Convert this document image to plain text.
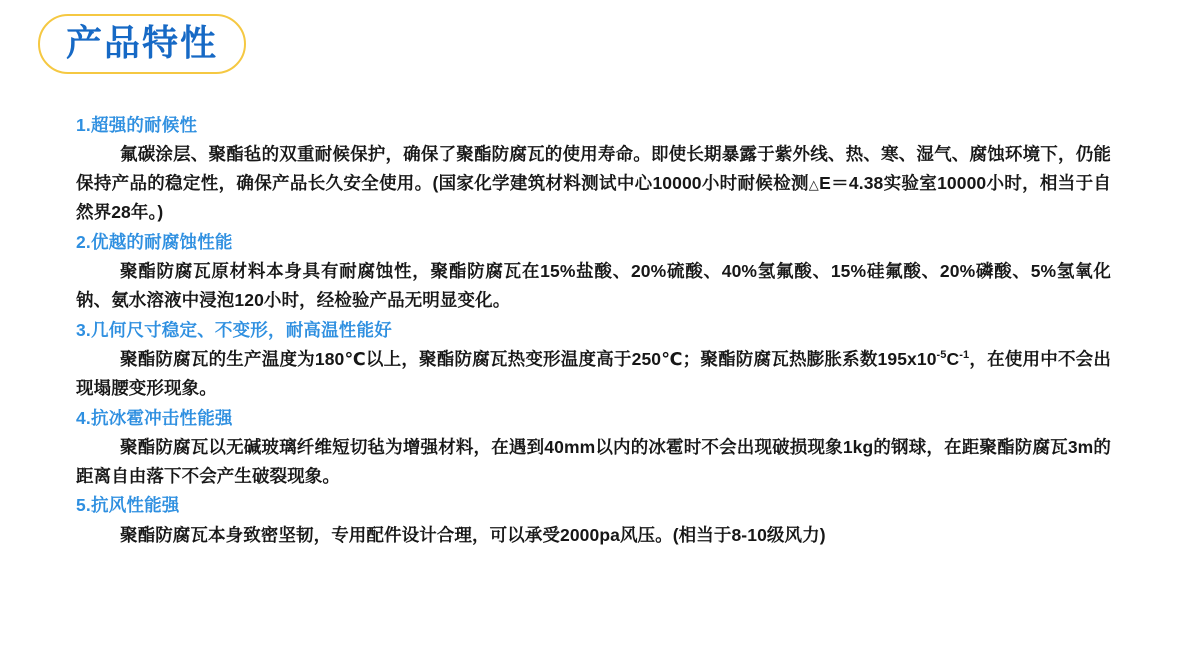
产品特性
1.超强的耐候性
氟碳涂层、聚酯毡的双重耐候保护，确保了聚酯防腐瓦的使用寿命。即使长期暴露于紫外线、热、寒、湿气、腐蚀环境下，仍能保持产品的稳定性，确保产品长久安全使用。(国家化学建筑材料测试中心10000小时耐候检测△E＝4.38实验室10000小时，相当于自然界28年。)
2.优越的耐腐蚀性能
聚酯防腐瓦原材料本身具有耐腐蚀性，聚酯防腐瓦在15%盐酸、20%硫酸、40%氢氟酸、15%硅氟酸、20%磷酸、5%氢氧化钠、氨水溶液中浸泡120小时，经检验产品无明显变化。
3.几何尺寸稳定、不变形，耐高温性能好
聚酯防腐瓦的生产温度为180℃以上，聚酯防腐瓦热变形温度高于250℃；聚酯防腐瓦热膨胀系数$195x10^{-5}C^{-1}$，在使用中不会出现塌腰变形现象。
4.抗冰雹冲击性能强
聚酯防腐瓦以无碱玻璃纤维短切毡为增强材料，在遇到40mm以内的冰雹时不会出现破损现象1kg的钢球，在距聚酯防腐瓦3m的距离自由落下不会产生破裂现象。
5.抗风性能强
聚酯防腐瓦本身致密坚韧，专用配件设计合理，可以承受2000pa风压。(相当于8-10级风力)
